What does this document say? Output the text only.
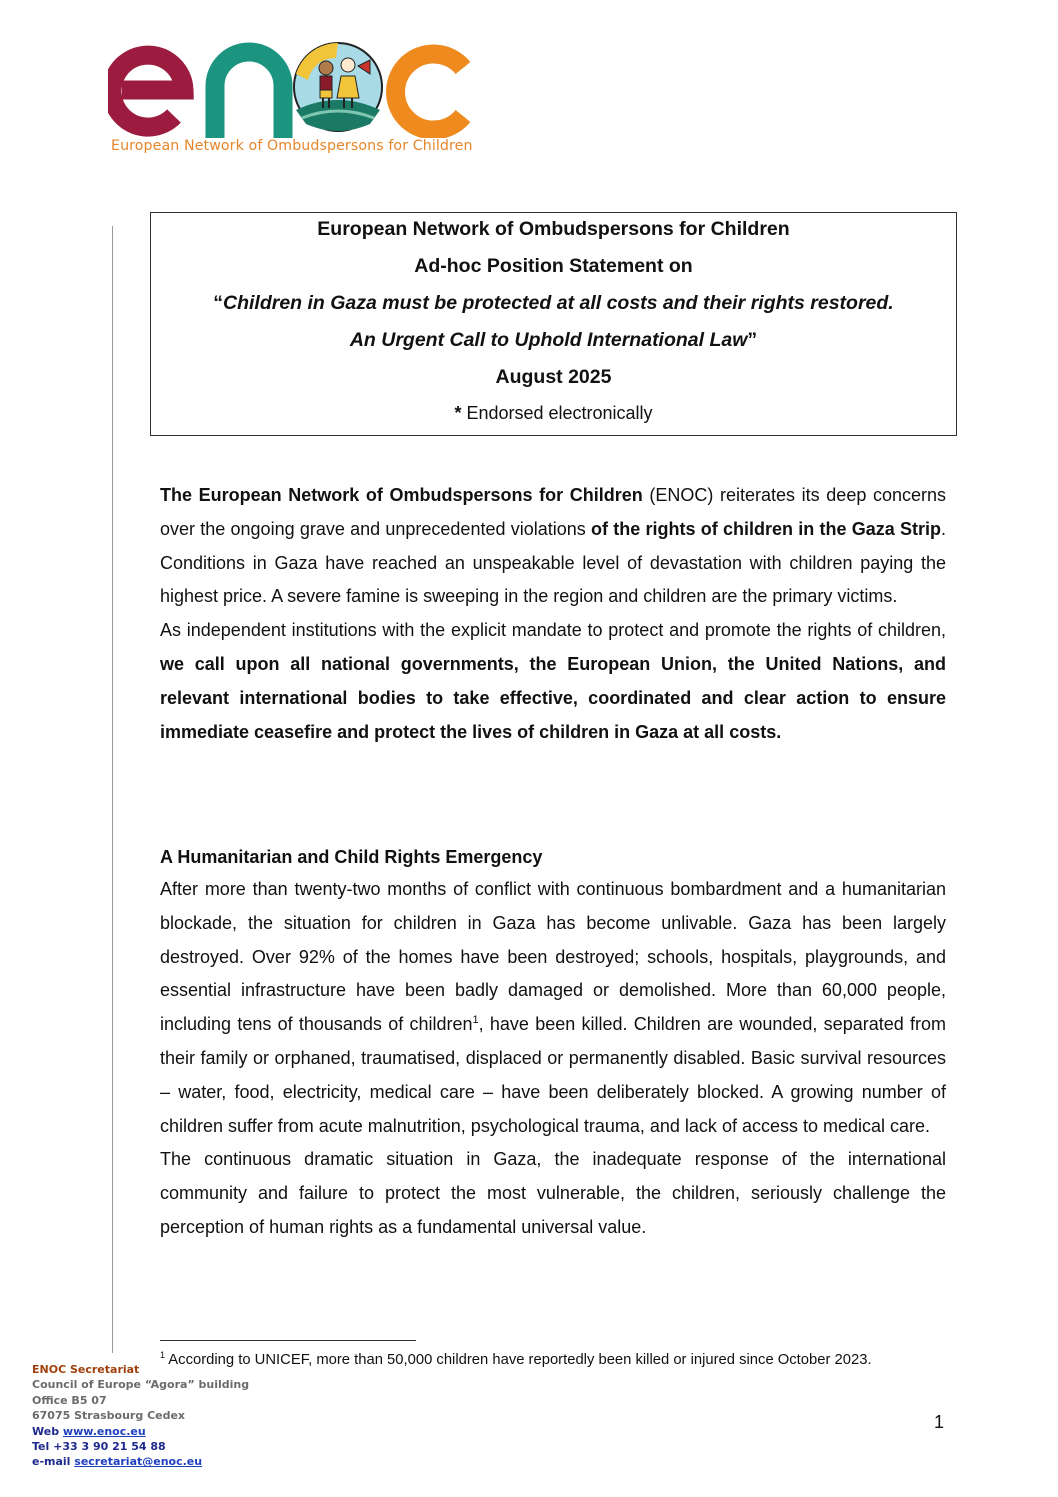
European Network of Ombudspersons for Children
European Network of Ombudspersons for Children
Ad-hoc Position Statement on
“Children in Gaza must be protected at all costs and their rights restored.
An Urgent Call to Uphold International Law”
August 2025
* Endorsed electronically

The European Network of Ombudspersons for Children (ENOC) reiterates its deep concerns over the ongoing grave and unprecedented violations of the rights of children in the Gaza Strip. Conditions in Gaza have reached an unspeakable level of devastation with children paying the highest price. A severe famine is sweeping in the region and children are the primary victims.

As independent institutions with the explicit mandate to protect and promote the rights of children, we call upon all national governments, the European Union, the United Nations, and relevant international bodies to take effective, coordinated and clear action to ensure immediate ceasefire and protect the lives of children in Gaza at all costs.

A Humanitarian and Child Rights Emergency

After more than twenty-two months of conflict with continuous bombardment and a humanitarian blockade, the situation for children in Gaza has become unlivable. Gaza has been largely destroyed. Over 92% of the homes have been destroyed; schools, hospitals, playgrounds, and essential infrastructure have been badly damaged or demolished. More than 60,000 people, including tens of thousands of children$^1$, have been killed. Children are wounded, separated from their family or orphaned, traumatised, displaced or permanently disabled. Basic survival resources – water, food, electricity, medical care – have been deliberately blocked. A growing number of children suffer from acute malnutrition, psychological trauma, and lack of access to medical care.

The continuous dramatic situation in Gaza, the inadequate response of the international community and failure to protect the most vulnerable, the children, seriously challenge the perception of human rights as a fundamental universal value.

$^1$ According to UNICEF, more than 50,000 children have reportedly been killed or injured since October 2023.
ENOC Secretariat
Council of Europe “Agora” building
Office B5 07
67075 Strasbourg Cedex
Web www.enoc.eu
Tel +33 3 90 21 54 88
e-mail secretariat@enoc.eu
1
